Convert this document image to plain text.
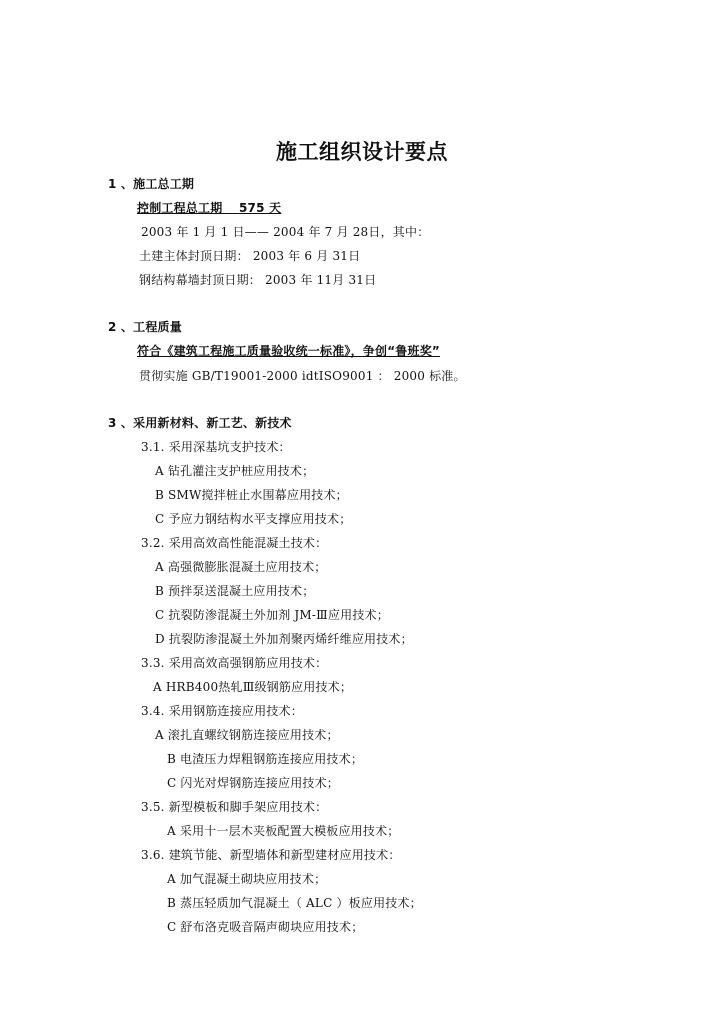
施工组织设计要点
1 、施工总工期
控制工程总工期　 575 天
2003 年 1 月 1 日—— 2004 年 7 月 28日，其中：
土建主体封顶日期： 2003 年 6 月 31日
钢结构幕墙封顶日期： 2003 年 11月 31日
2 、工程质量
符合《建筑工程施工质量验收统一标准》，争创“鲁班奖”
贯彻实施 GB/T19001-2000 idtISO9001 ： 2000 标准。
3 、采用新材料、新工艺、新技术
3.1. 采用深基坑支护技术：
A 钻孔灌注支护桩应用技术；
B SMW搅拌桩止水围幕应用技术；
C 予应力钢结构水平支撑应用技术；
3.2. 采用高效高性能混凝土技术：
A 高强微膨胀混凝土应用技术；
B 预拌泵送混凝土应用技术；
C 抗裂防渗混凝土外加剂 JM-Ⅲ应用技术；
D 抗裂防渗混凝土外加剂聚丙烯纤维应用技术；
3.3. 采用高效高强钢筋应用技术：
A HRB400热轧Ⅲ级钢筋应用技术；
3.4. 采用钢筋连接应用技术：
A 滚扎直螺纹钢筋连接应用技术；
B 电渣压力焊粗钢筋连接应用技术；
C 闪光对焊钢筋连接应用技术；
3.5. 新型模板和脚手架应用技术：
A 采用十一层木夹板配置大模板应用技术；
3.6. 建筑节能、新型墙体和新型建材应用技术：
A 加气混凝土砌块应用技术；
B 蒸压轻质加气混凝土（ ALC ）板应用技术；
C 舒布洛克吸音隔声砌块应用技术；
